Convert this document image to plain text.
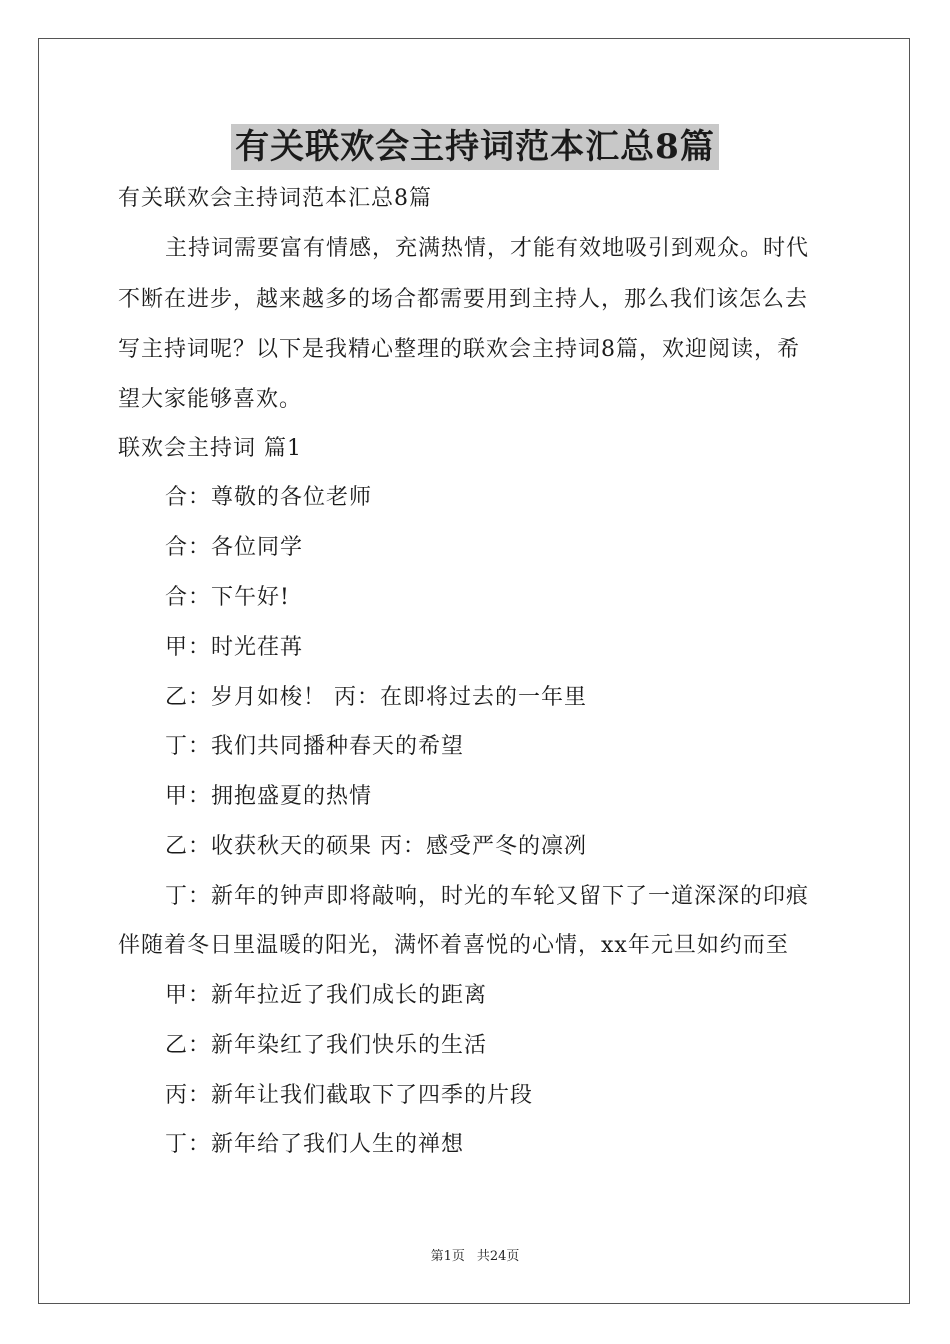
有关联欢会主持词范本汇总8篇
有关联欢会主持词范本汇总8篇
主持词需要富有情感，充满热情，才能有效地吸引到观众。时代
不断在进步，越来越多的场合都需要用到主持人，那么我们该怎么去
写主持词呢？以下是我精心整理的联欢会主持词8篇，欢迎阅读，希
望大家能够喜欢。
联欢会主持词 篇1
合：尊敬的各位老师
合：各位同学
合：下午好!
甲：时光荏苒
乙：岁月如梭！ 丙：在即将过去的一年里
丁：我们共同播种春天的希望
甲：拥抱盛夏的热情
乙：收获秋天的硕果 丙：感受严冬的凛冽
丁：新年的钟声即将敲响，时光的车轮又留下了一道深深的印痕
伴随着冬日里温暖的阳光，满怀着喜悦的心情，xx年元旦如约而至
甲：新年拉近了我们成长的距离
乙：新年染红了我们快乐的生活
丙：新年让我们截取下了四季的片段
丁：新年给了我们人生的禅想
第1页 共24页
